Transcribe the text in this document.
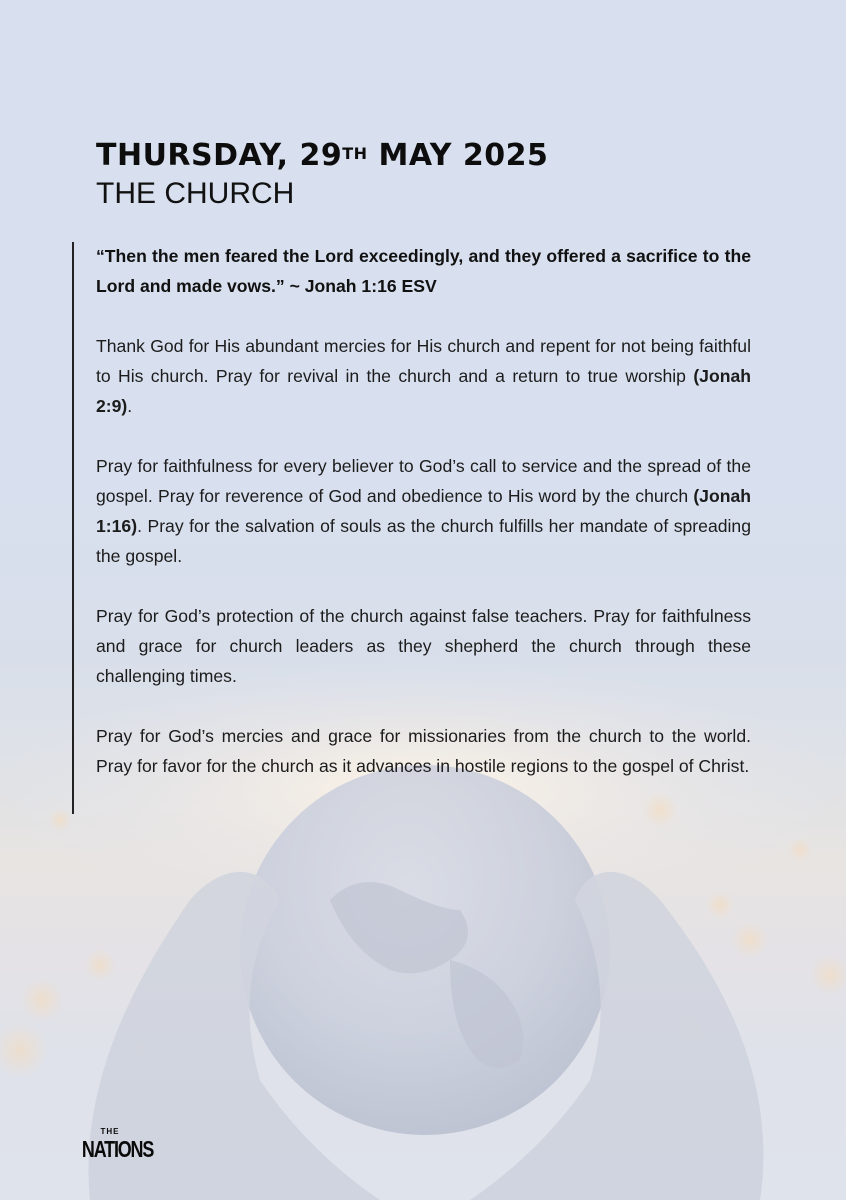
THURSDAY, 29TH MAY 2025
THE CHURCH

“Then the men feared the Lord exceedingly, and they offered a sacrifice to the Lord and made vows.” ~ Jonah 1:16 ESV

Thank God for His abundant mercies for His church and repent for not being faithful to His church. Pray for revival in the church and a return to true worship (Jonah 2:9).

Pray for faithfulness for every believer to God’s call to service and the spread of the gospel. Pray for reverence of God and obedience to His word by the church (Jonah 1:16). Pray for the salvation of souls as the church fulfills her mandate of spreading the gospel.

Pray for God’s protection of the church against false teachers. Pray for faithfulness and grace for church leaders as they shepherd the church through these challenging times.

Pray for God’s mercies and grace for missionaries from the church to the world. Pray for favor for the church as it advances in hostile regions to the gospel of Christ.

THE
NATIONS
